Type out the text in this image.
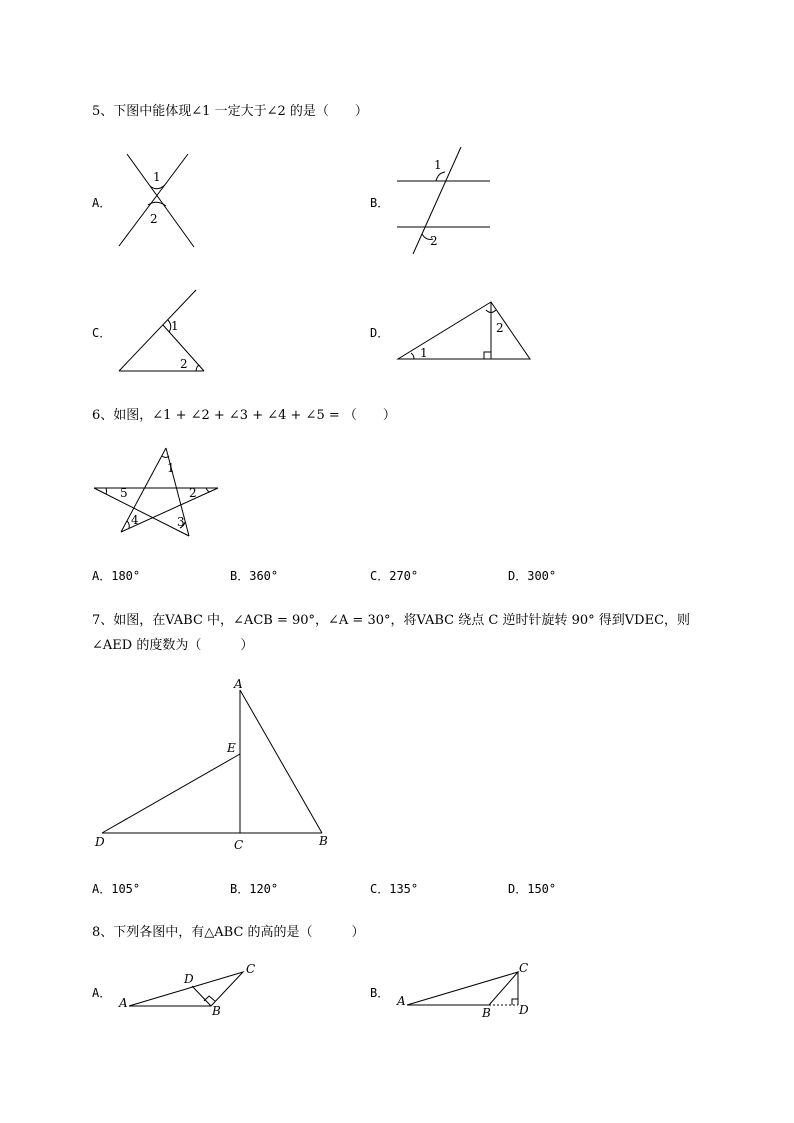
5、下图中能体现∠1 一定大于∠2 的是（　　）
A．
1
2
B．
1
2
C．	1
2
D．
1
2
6、如图，∠1 + ∠2 + ∠3 + ∠4 + ∠5 = （　　）
1
2
3
4
5
A．180°	B．360°	C．270°	D．300°
7、如图，在VABC 中，∠ACB = 90°，∠A = 30°，将VABC 绕点 C 逆时针旋转 90° 得到VDEC，则
∠AED 的度数为（　　　）
A
E
D	C	B
A．105°	B．120°	C．135°	D．150°
8、下列各图中，有△ABC 的高的是（　　　）
A．
A
B
C
D
B．
A
B
C
D
